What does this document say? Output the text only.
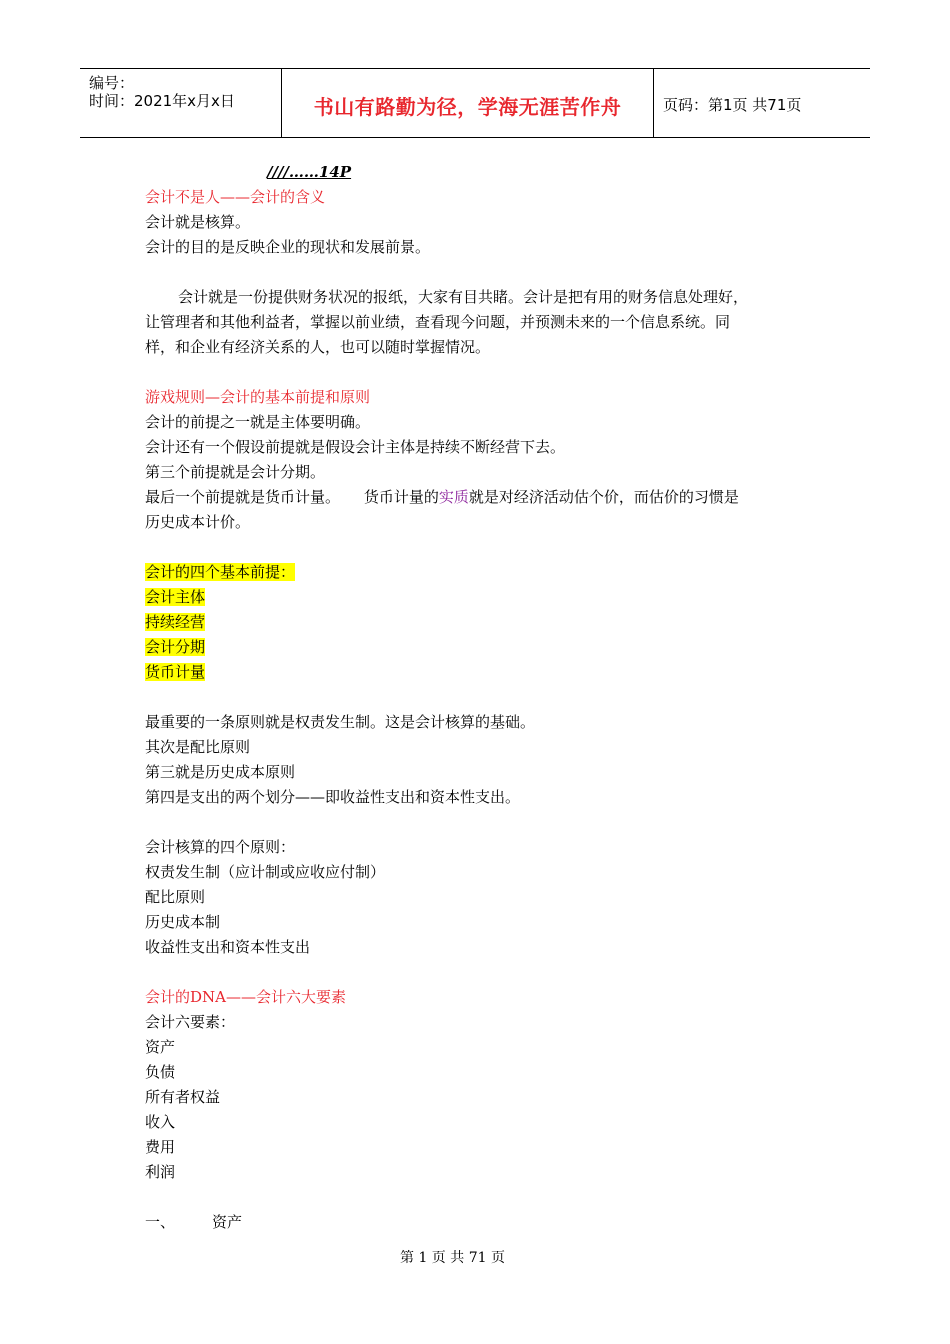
编号：
时间：2021年x月x日	书山有路勤为径，学海无涯苦作舟	页码：第1页 共71页
////……14P
会计不是人——会计的含义
会计就是核算。
会计的目的是反映企业的现状和发展前景。
会计就是一份提供财务状况的报纸，大家有目共睹。会计是把有用的财务信息处理好，
让管理者和其他利益者，掌握以前业绩，查看现今问题，并预测未来的一个信息系统。同
样，和企业有经济关系的人，也可以随时掌握情况。
游戏规则—会计的基本前提和原则
会计的前提之一就是主体要明确。
会计还有一个假设前提就是假设会计主体是持续不断经营下去。
第三个前提就是会计分期。
最后一个前提就是货币计量。     货币计量的实质就是对经济活动估个价，而估价的习惯是
历史成本计价。
会计的四个基本前提：
会计主体
持续经营
会计分期
货币计量
最重要的一条原则就是权责发生制。这是会计核算的基础。
其次是配比原则
第三就是历史成本原则
第四是支出的两个划分——即收益性支出和资本性支出。
会计核算的四个原则：
权责发生制（应计制或应收应付制）
配比原则
历史成本制
收益性支出和资本性支出
会计的DNA——会计六大要素
会计六要素：
资产
负债
所有者权益
收入
费用
利润
一、 资产
第 1 页 共 71 页
